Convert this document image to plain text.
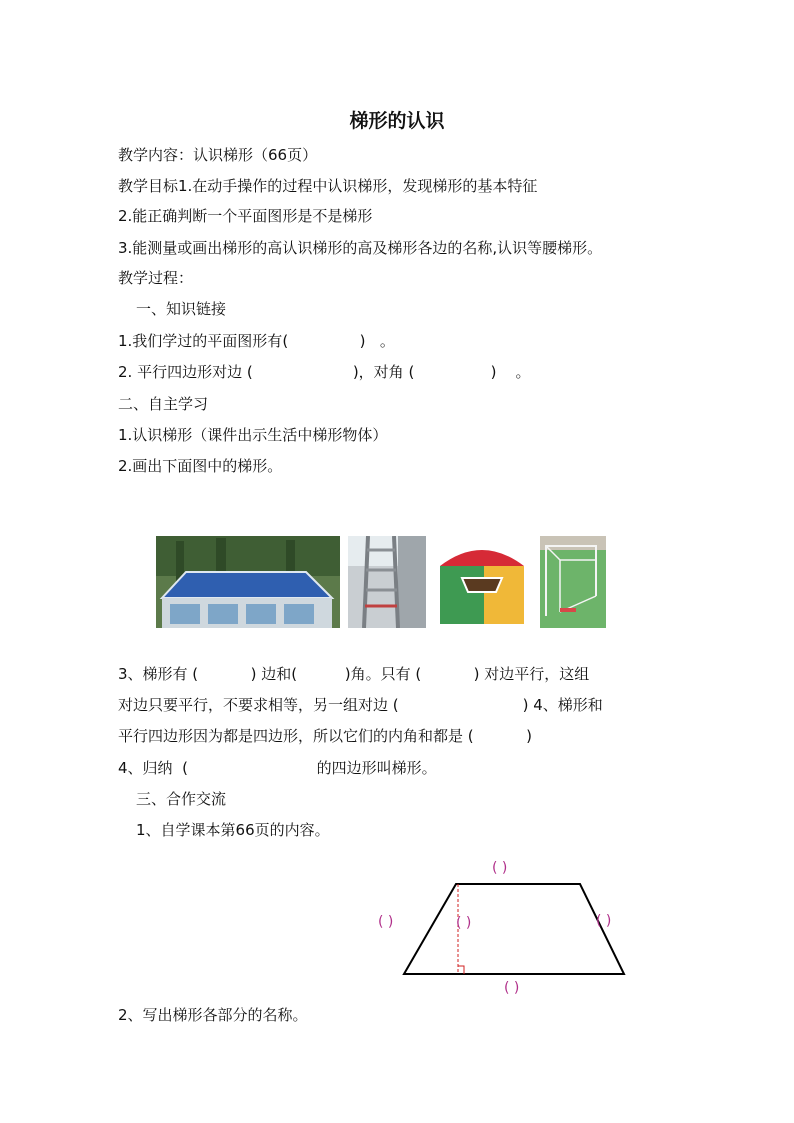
梯形的认识
教学内容：认识梯形（66页）
教学目标1.在动手操作的过程中认识梯形，发现梯形的基本特征
2.能正确判断一个平面图形是不是梯形
3.能测量或画出梯形的高认识梯形的高及梯形各边的名称,认识等腰梯形。
教学过程：
一、知识链接
1.我们学过的平面图形有(               )   。
2. 平行四边形对边 (                     )，对角 (                )    。
二、自主学习
1.认识梯形（课件出示生活中梯形物体）
2.画出下面图中的梯形。
3、梯形有 (           ) 边和(          )角。只有 (           ) 对边平行，这组
对边只要平行，不要求相等，另一组对边 (                          ) 4、梯形和
平行四边形因为都是四边形，所以它们的内角和都是 (           )
4、归纳  (                           的四边形叫梯形。
三、合作交流
1、自学课本第66页的内容。
( )
( )	( )	( )
( )
2、写出梯形各部分的名称。
